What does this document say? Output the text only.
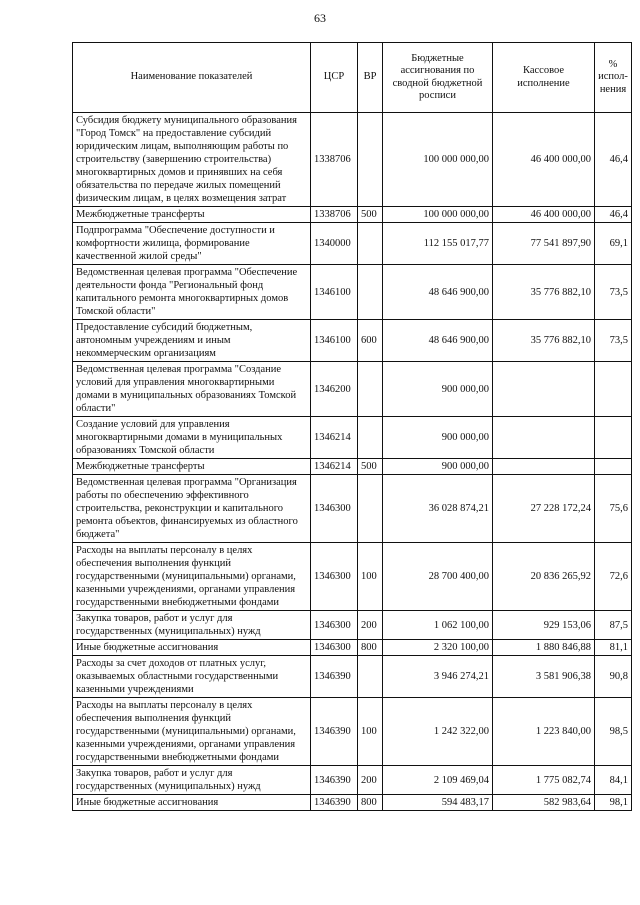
63
Наименование показателей	ЦСР	ВР	Бюджетные ассигнования по сводной бюджетной росписи	Кассовое исполнение	% испол-нения
Субсидия бюджету муниципального образования "Город Томск" на предоставление субсидий юридическим лицам, выполняющим работы по строительству (завершению строительства) многоквартирных домов и принявших на себя обязательства по передаче жилых помещений физическим лицам, в целях возмещения затрат	1338706		100 000 000,00	46 400 000,00	46,4
Межбюджетные трансферты	1338706	500	100 000 000,00	46 400 000,00	46,4
Подпрограмма "Обеспечение доступности и комфортности жилища, формирование качественной жилой среды"	1340000		112 155 017,77	77 541 897,90	69,1
Ведомственная целевая программа "Обеспечение деятельности фонда "Региональный фонд капитального ремонта многоквартирных домов Томской области"	1346100		48 646 900,00	35 776 882,10	73,5
Предоставление субсидий бюджетным, автономным учреждениям и иным некоммерческим организациям	1346100	600	48 646 900,00	35 776 882,10	73,5
Ведомственная целевая программа "Создание условий для управления многоквартирными домами в муниципальных образованиях Томской области"	1346200		900 000,00		
Создание условий для управления многоквартирными домами в муниципальных образованиях Томской области	1346214		900 000,00		
Межбюджетные трансферты	1346214	500	900 000,00		
Ведомственная целевая программа "Организация работы по обеспечению эффективного строительства, реконструкции и капитального ремонта объектов, финансируемых из областного бюджета"	1346300		36 028 874,21	27 228 172,24	75,6
Расходы на выплаты персоналу в целях обеспечения выполнения функций государственными (муниципальными) органами, казенными учреждениями, органами управления государственными внебюджетными фондами	1346300	100	28 700 400,00	20 836 265,92	72,6
Закупка товаров, работ и услуг для государственных (муниципальных) нужд	1346300	200	1 062 100,00	929 153,06	87,5
Иные бюджетные ассигнования	1346300	800	2 320 100,00	1 880 846,88	81,1
Расходы за счет доходов от платных услуг, оказываемых областными государственными казенными учреждениями	1346390		3 946 274,21	3 581 906,38	90,8
Расходы на выплаты персоналу в целях обеспечения выполнения функций государственными (муниципальными) органами, казенными учреждениями, органами управления государственными внебюджетными фондами	1346390	100	1 242 322,00	1 223 840,00	98,5
Закупка товаров, работ и услуг для государственных (муниципальных) нужд	1346390	200	2 109 469,04	1 775 082,74	84,1
Иные бюджетные ассигнования	1346390	800	594 483,17	582 983,64	98,1
